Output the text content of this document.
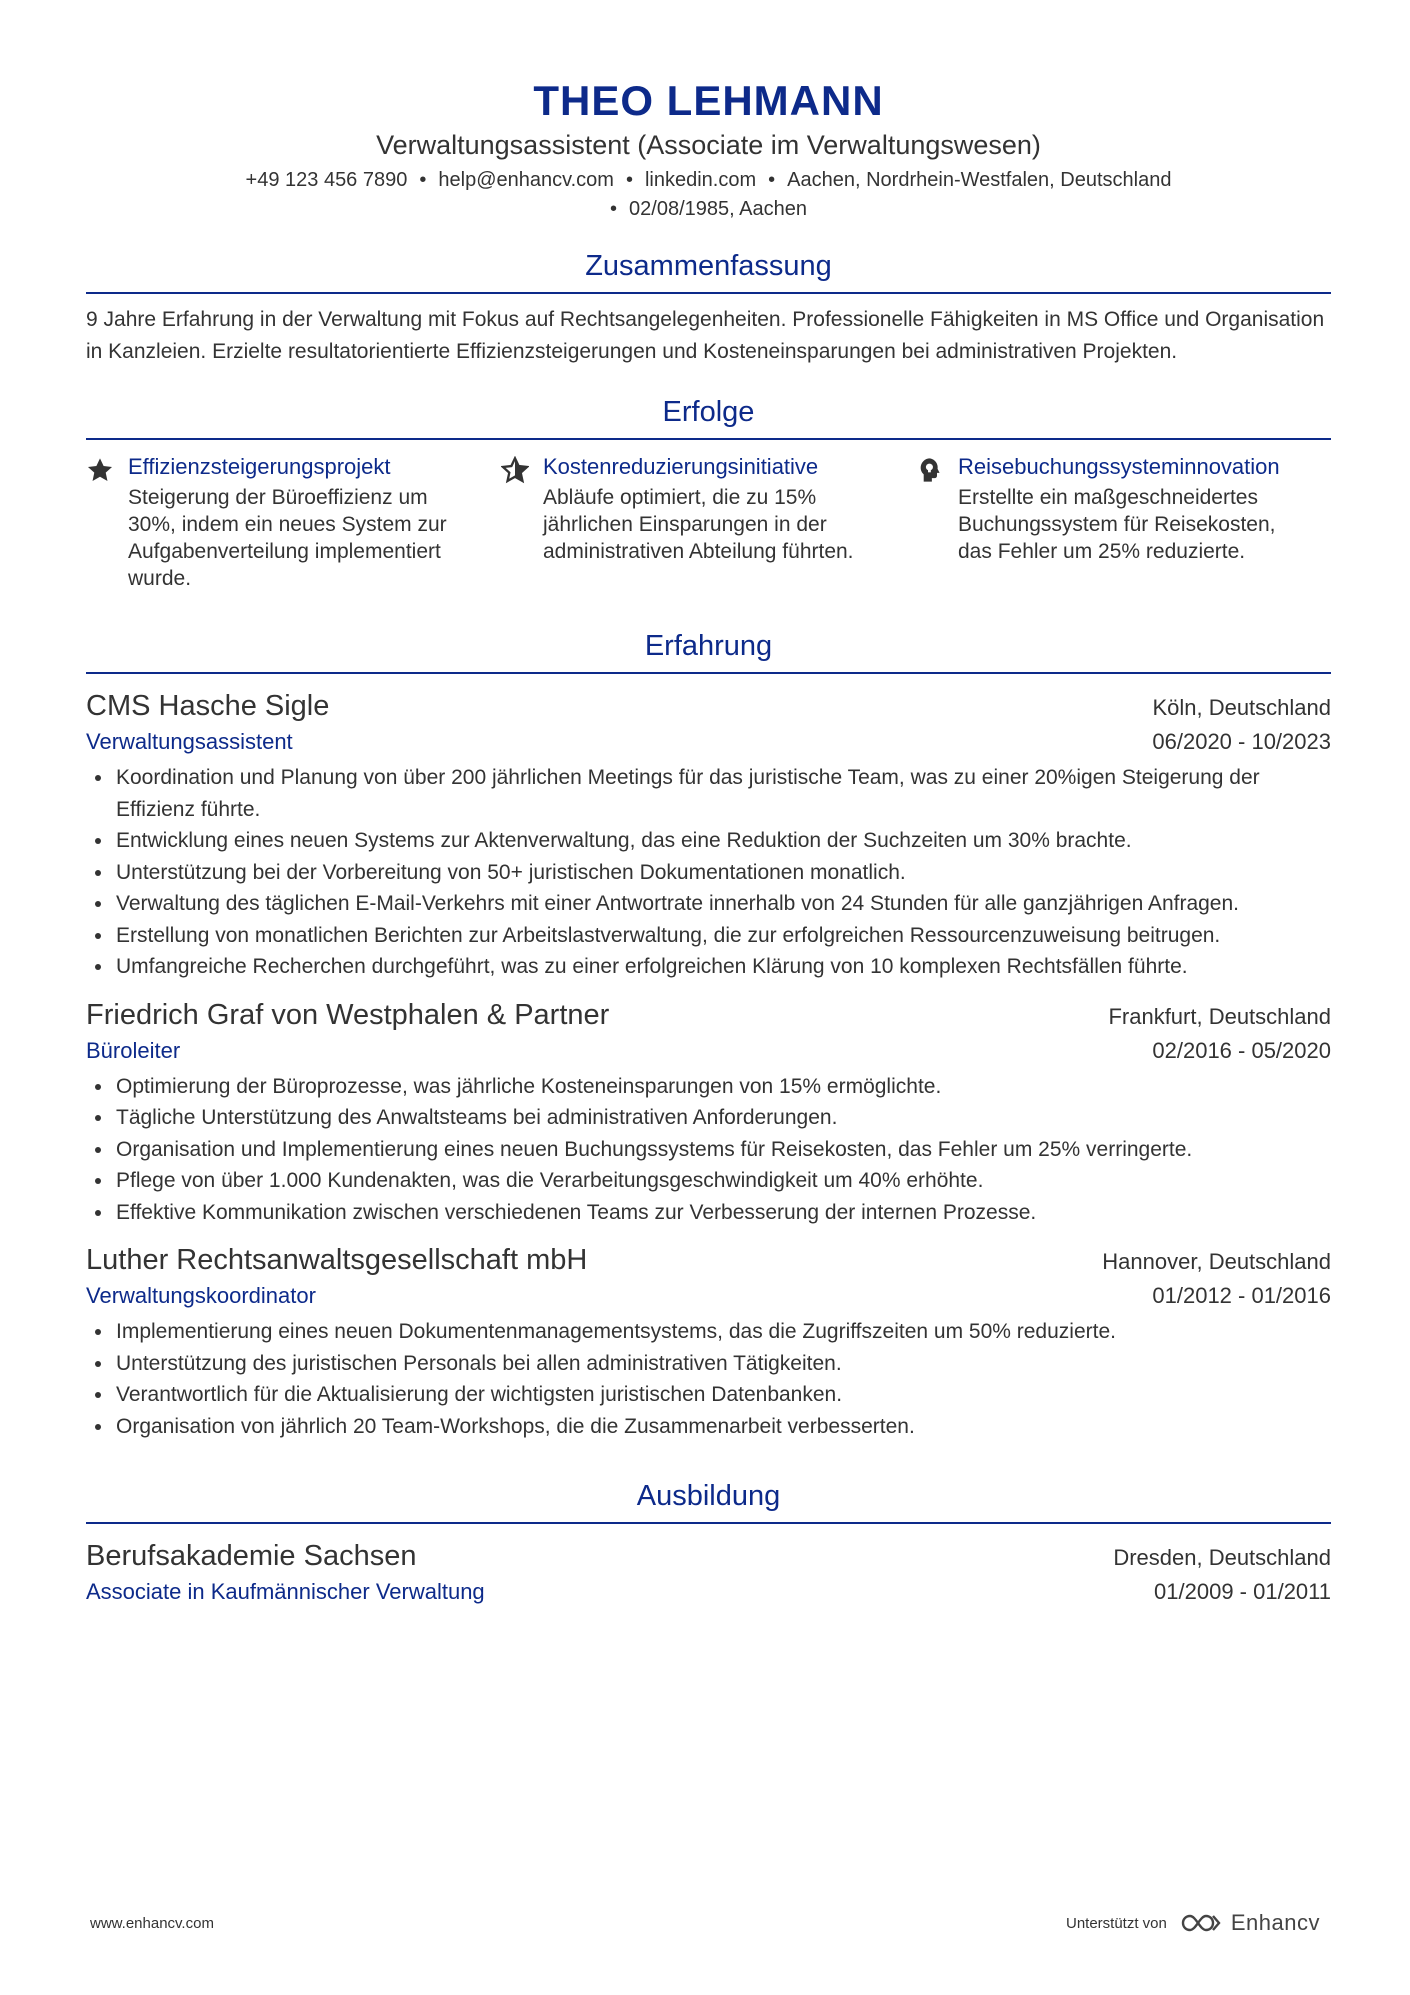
THEO LEHMANN
Verwaltungsassistent (Associate im Verwaltungswesen)
+49 123 456 7890 • help@enhancv.com • linkedin.com • Aachen, Nordrhein-Westfalen, Deutschland
• 02/08/1985, Aachen
Zusammenfassung
9 Jahre Erfahrung in der Verwaltung mit Fokus auf Rechtsangelegenheiten. Professionelle Fähigkeiten in MS Office und Organisation in Kanzleien. Erzielte resultatorientierte Effizienzsteigerungen und Kosteneinsparungen bei administrativen Projekten.
Erfolge
Effizienzsteigerungsprojekt
Steigerung der Büroeffizienz um 30%, indem ein neues System zur Aufgabenverteilung implementiert wurde.
Kostenreduzierungsinitiative
Abläufe optimiert, die zu 15% jährlichen Einsparungen in der administrativen Abteilung führten.
Reisebuchungssysteminnovation
Erstellte ein maßgeschneidertes Buchungssystem für Reisekosten, das Fehler um 25% reduzierte.
Erfahrung
CMS Hasche Sigle	Köln, Deutschland
Verwaltungsassistent	06/2020 - 10/2023
• Koordination und Planung von über 200 jährlichen Meetings für das juristische Team, was zu einer 20%igen Steigerung der Effizienz führte.
• Entwicklung eines neuen Systems zur Aktenverwaltung, das eine Reduktion der Suchzeiten um 30% brachte.
• Unterstützung bei der Vorbereitung von 50+ juristischen Dokumentationen monatlich.
• Verwaltung des täglichen E-Mail-Verkehrs mit einer Antwortrate innerhalb von 24 Stunden für alle ganzjährigen Anfragen.
• Erstellung von monatlichen Berichten zur Arbeitslastverwaltung, die zur erfolgreichen Ressourcenzuweisung beitrugen.
• Umfangreiche Recherchen durchgeführt, was zu einer erfolgreichen Klärung von 10 komplexen Rechtsfällen führte.
Friedrich Graf von Westphalen & Partner	Frankfurt, Deutschland
Büroleiter	02/2016 - 05/2020
• Optimierung der Büroprozesse, was jährliche Kosteneinsparungen von 15% ermöglichte.
• Tägliche Unterstützung des Anwaltsteams bei administrativen Anforderungen.
• Organisation und Implementierung eines neuen Buchungssystems für Reisekosten, das Fehler um 25% verringerte.
• Pflege von über 1.000 Kundenakten, was die Verarbeitungsgeschwindigkeit um 40% erhöhte.
• Effektive Kommunikation zwischen verschiedenen Teams zur Verbesserung der internen Prozesse.
Luther Rechtsanwaltsgesellschaft mbH	Hannover, Deutschland
Verwaltungskoordinator	01/2012 - 01/2016
• Implementierung eines neuen Dokumentenmanagementsystems, das die Zugriffszeiten um 50% reduzierte.
• Unterstützung des juristischen Personals bei allen administrativen Tätigkeiten.
• Verantwortlich für die Aktualisierung der wichtigsten juristischen Datenbanken.
• Organisation von jährlich 20 Team-Workshops, die die Zusammenarbeit verbesserten.
Ausbildung
Berufsakademie Sachsen	Dresden, Deutschland
Associate in Kaufmännischer Verwaltung	01/2009 - 01/2011
www.enhancv.com	Unterstützt von	Enhancv
